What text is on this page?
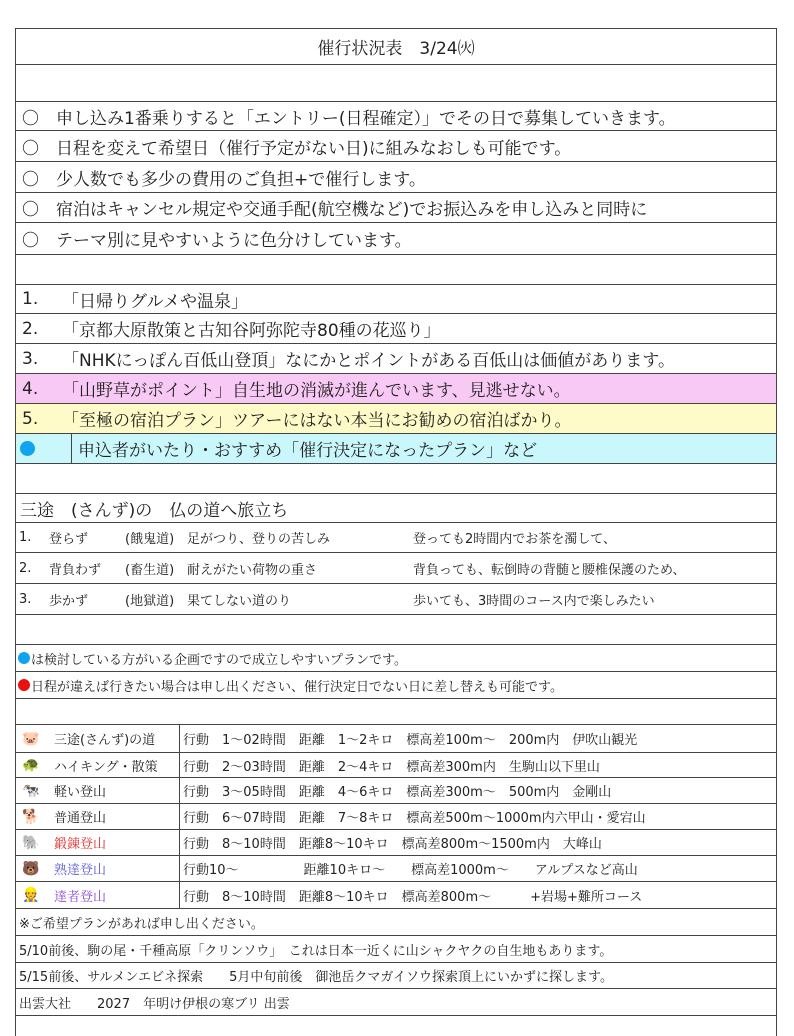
催行状況表　3/24㈫
〇	申し込み1番乗りすると「エントリー(日程確定）」でその日で募集していきます。
〇	日程を変えて希望日（催行予定がない日)に組みなおしも可能です。
〇	少人数でも多少の費用のご負担+で催行します。
〇	宿泊はキャンセル規定や交通手配(航空機など)でお振込みを申し込みと同時に
〇	テーマ別に見やすいように色分けしています。
1.	「日帰りグルメや温泉」
2.	「京都大原散策と古知谷阿弥陀寺80種の花巡り」
3.	「NHKにっぽん百低山登頂」なにかとポイントがある百低山は価値があります。
4.	「山野草がポイント」自生地の消滅が進んでいます、見逃せない。
5.	「至極の宿泊プラン」ツアーにはない本当にお勧めの宿泊ばかり。
申込者がいたり・おすすめ「催行決定になったプラン」など
三途　(さんず)の　仏の道へ旅立ち
1.	登らず	(餓鬼道) 足がつり、登りの苦しみ	登っても2時間内でお茶を濁して、
2.	背負わず	(畜生道) 耐えがたい荷物の重さ	背負っても、転倒時の背髄と腰椎保護のため、
3.	歩かず	(地獄道) 果てしない道のり	歩いても、3時間のコース内で楽しみたい
は検討している方がいる企画ですので成立しやすいプランです。
日程が違えば行きたい場合は申し出ください、催行決定日でない日に差し替えも可能です。
🐷	三途(さんず)の道 行動　1～02時間　距離　1～2キロ　標高差100m～　200m内　伊吹山観光
🐢	ハイキング・散策 行動　2～03時間　距離　2～4キロ　標高差300m内　生駒山以下里山
🐄	軽い登山	行動　3～05時間　距離　4～6キロ　標高差300m～　500m内　金剛山
🐕	普通登山	行動　6～07時間　距離　7～8キロ　標高差500m～1000m内六甲山・愛宕山
🐘	鍛錬登山	行動　8～10時間　距離8～10キロ　標高差800m～1500m内　大峰山
🐻	熟達登山	行動10～　　　　　距離10キロ～　　標高差1000m～　　アルプスなど高山
👷	達者登山	行動　8～10時間　距離8～10キロ　標高差800m～　　　+岩場+難所コース
※ご希望プランがあれば申し出ください。
5/10前後、駒の尾・千種高原「クリンソウ」　これは日本一近くに山シャクヤクの自生地もあります。
5/15前後、サルメンエビネ探索　　5月中旬前後　御池岳クマガイソウ探索頂上にいかずに探します。
出雲大社　　2027　年明け伊根の寒ブリ 出雲
